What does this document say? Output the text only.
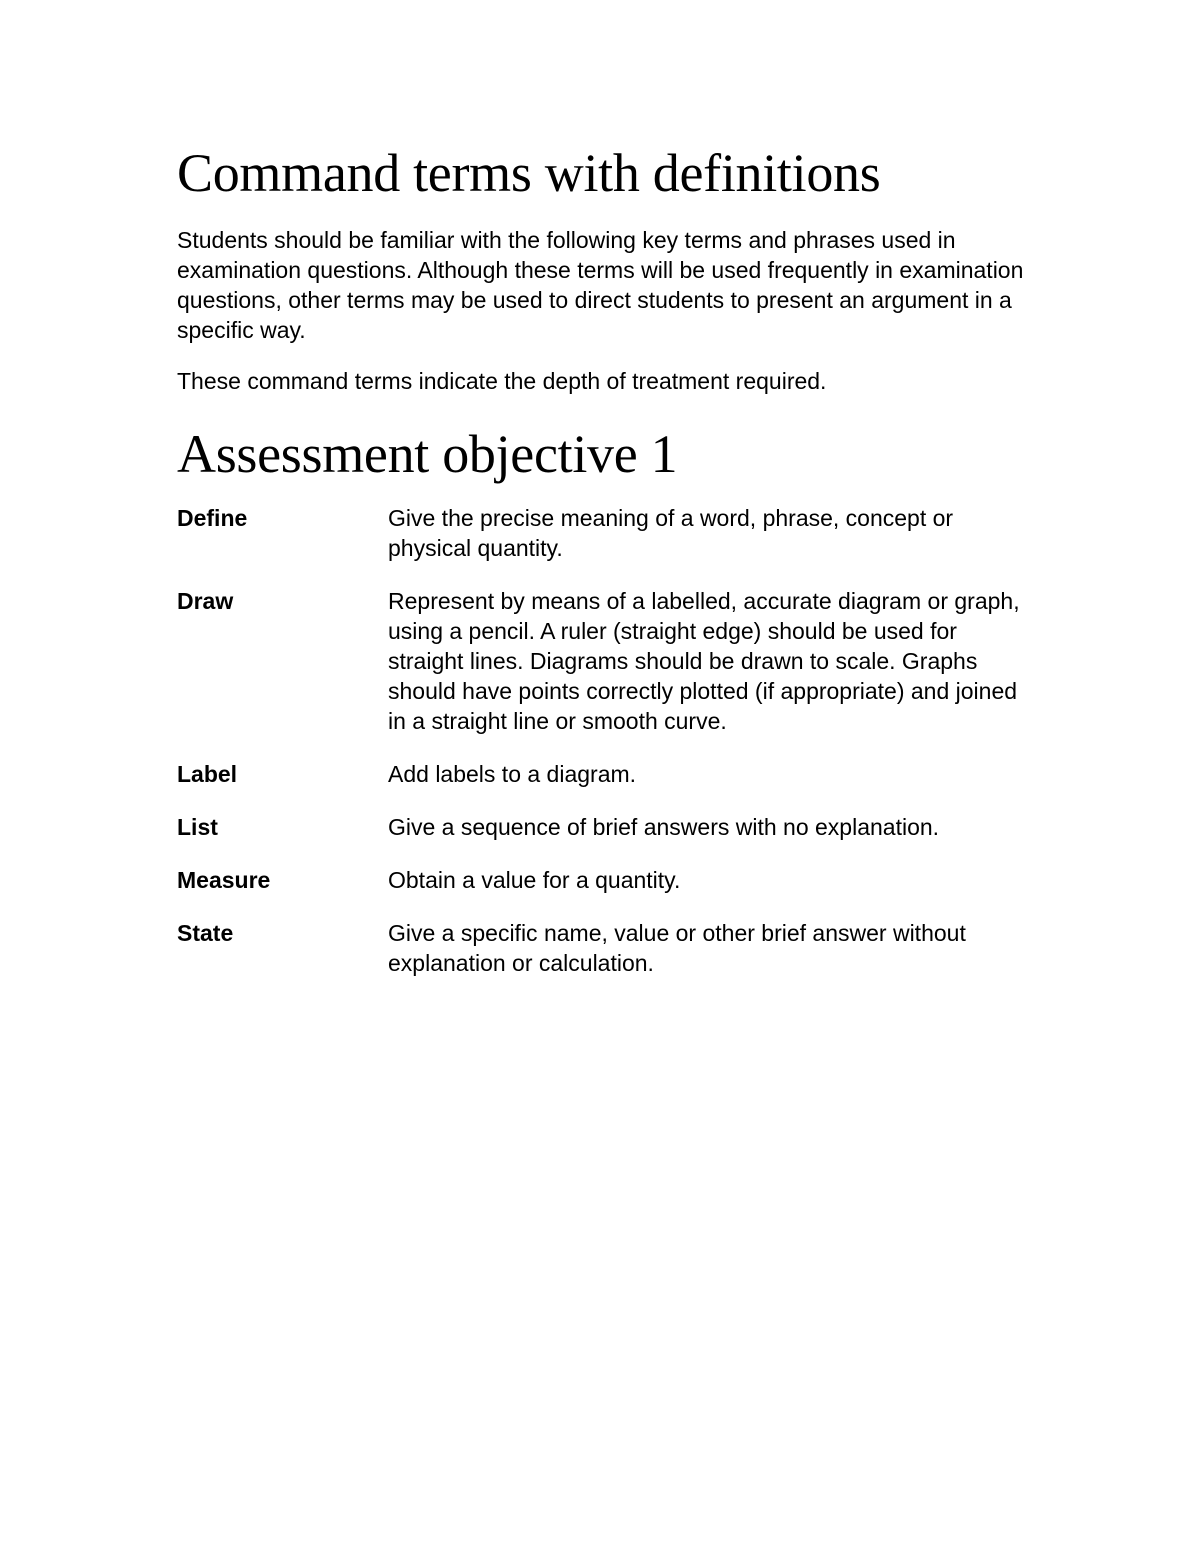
Command terms with definitions

Students should be familiar with the following key terms and phrases used in examination questions. Although these terms will be used frequently in examination questions, other terms may be used to direct students to present an argument in a specific way.

These command terms indicate the depth of treatment required.

Assessment objective 1
Define	Give the precise meaning of a word, phrase, concept or physical quantity.
Draw	Represent by means of a labelled, accurate diagram or graph, using a pencil. A ruler (straight edge) should be used for straight lines. Diagrams should be drawn to scale. Graphs should have points correctly plotted (if appropriate) and joined in a straight line or smooth curve.
Label	Add labels to a diagram.
List	Give a sequence of brief answers with no explanation.
Measure	Obtain a value for a quantity.
State	Give a specific name, value or other brief answer without explanation or calculation.
